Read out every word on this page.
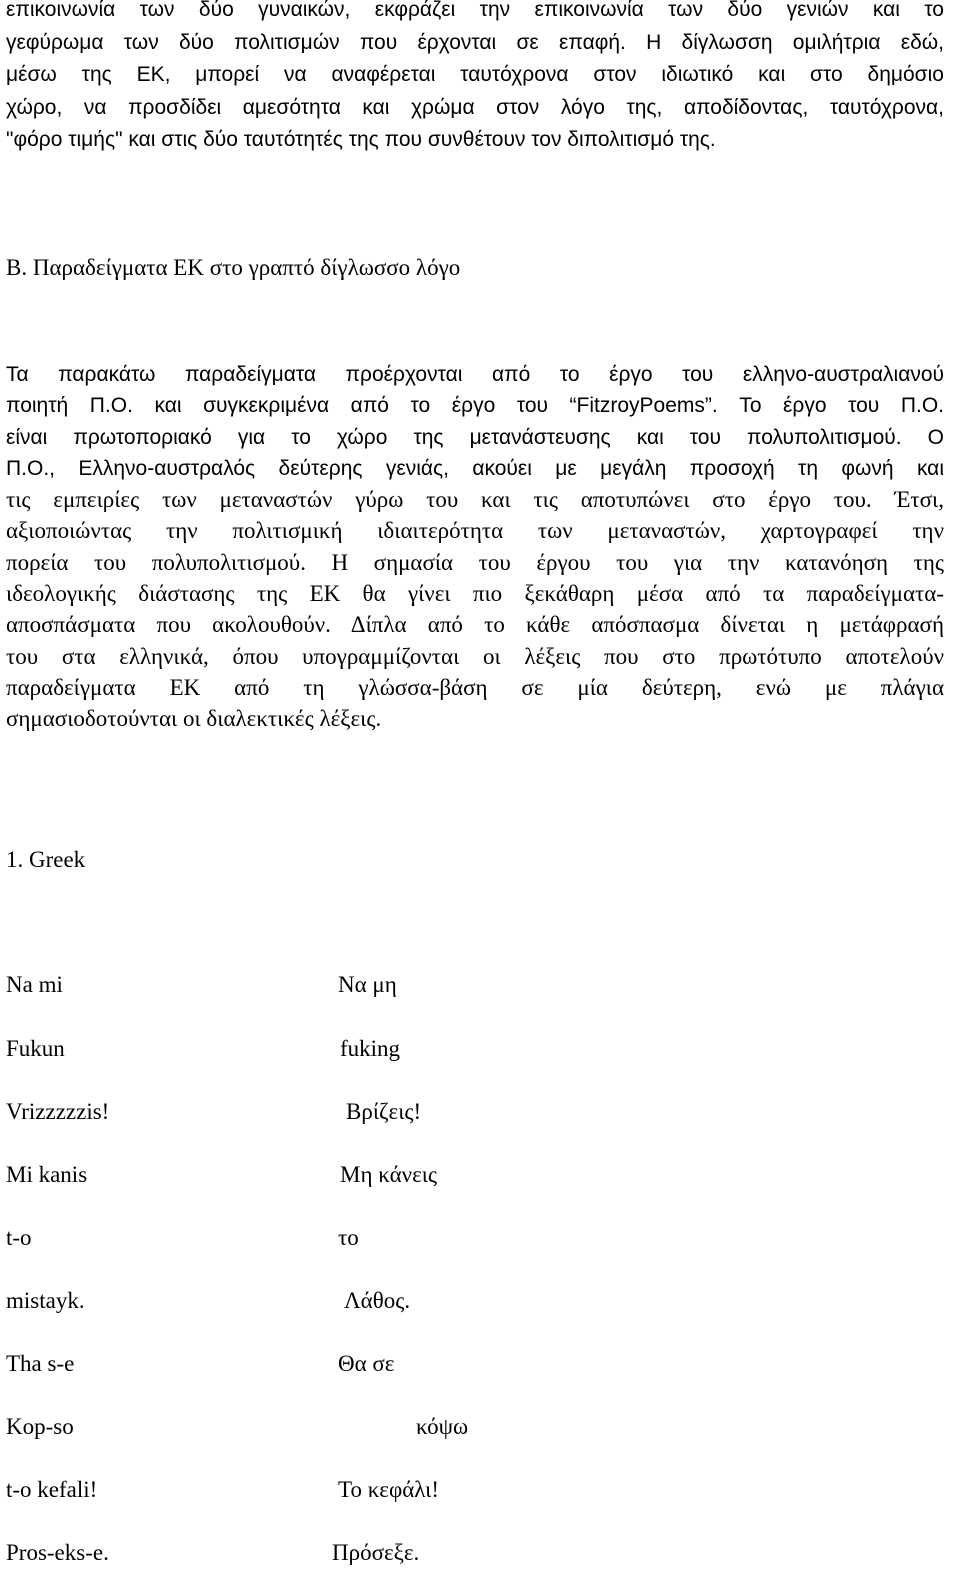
επικοινωνία των δύο γυναικών, εκφράζει την επικοινωνία των δύο γενιών και το
γεφύρωμα των δύο πολιτισμών που έρχονται σε επαφή. Η δίγλωσση ομιλήτρια εδώ,
μέσω της ΕΚ, μπορεί να αναφέρεται ταυτόχρονα στον ιδιωτικό και στο δημόσιο
χώρο, να προσδίδει αμεσότητα και χρώμα στον λόγο της, αποδίδοντας, ταυτόχρονα,
"φόρο τιμής" και στις δύο ταυτότητές της που συνθέτουν τον διπολιτισμό της.
Β. Παραδείγματα ΕΚ στο γραπτό δίγλωσσο λόγο
Τα παρακάτω παραδείγματα προέρχονται από το έργο του ελληνο-αυστραλιανού
ποιητή Π.Ο. και συγκεκριμένα από το έργο του “FitzroyPoems”. Το έργο του Π.Ο.
είναι πρωτοποριακό για το χώρο της μετανάστευσης και του πολυπολιτισμού. Ο
Π.Ο., Ελληνο-αυστραλός δεύτερης γενιάς, ακούει με μεγάλη προσοχή τη φωνή και
τις εμπειρίες των μεταναστών γύρω του και τις αποτυπώνει στο έργο του. Έτσι,
αξιοποιώντας την πολιτισμική ιδιαιτερότητα των μεταναστών, χαρτογραφεί την
πορεία του πολυπολιτισμού. Η σημασία του έργου του για την κατανόηση της
ιδεολογικής διάστασης της ΕΚ θα γίνει πιο ξεκάθαρη μέσα από τα παραδείγματα-
αποσπάσματα που ακολουθούν. Δίπλα από το κάθε απόσπασμα δίνεται η μετάφρασή
του στα ελληνικά, όπου υπογραμμίζονται οι λέξεις που στο πρωτότυπο αποτελούν
παραδείγματα ΕΚ από τη γλώσσα-βάση σε μία δεύτερη, ενώ με πλάγια
σημασιοδοτούνται οι διαλεκτικές λέξεις.
1. Greek
Na mi	Να μη
Fukun	fuking
Vrizzzzzis!	Βρίζεις!
Mi kanis	Μη κάνεις
t-o	το
mistayk.	Λάθος.
Tha s-e	Θα σε
Kop-so	κόψω
t-o kefali!	Το κεφάλι!
Pros-eks-e.	Πρόσεξε.
